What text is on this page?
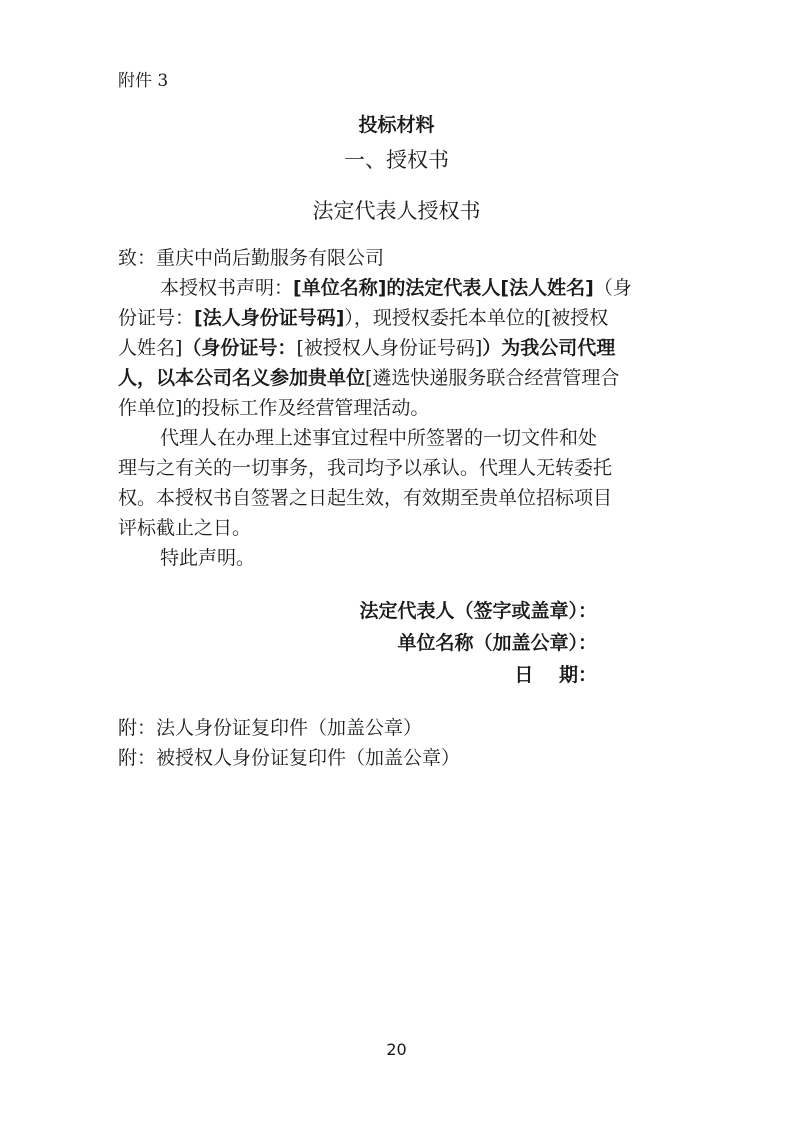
附件 3
投标材料
一、授权书
法定代表人授权书
致：重庆中尚后勤服务有限公司
本授权书声明：[单位名称]的法定代表人[法人姓名]（身
份证号：[法人身份证号码]），现授权委托本单位的[被授权
人姓名]（身份证号：[被授权人身份证号码]）为我公司代理
人，以本公司名义参加贵单位[遴选快递服务联合经营管理合
作单位]的投标工作及经营管理活动。
代理人在办理上述事宜过程中所签署的一切文件和处
理与之有关的一切事务，我司均予以承认。代理人无转委托
权。本授权书自签署之日起生效，有效期至贵单位招标项目
评标截止之日。
特此声明。
法定代表人（签字或盖章）：
单位名称（加盖公章）：
日　 期：
附：法人身份证复印件（加盖公章）
附：被授权人身份证复印件（加盖公章）
20
